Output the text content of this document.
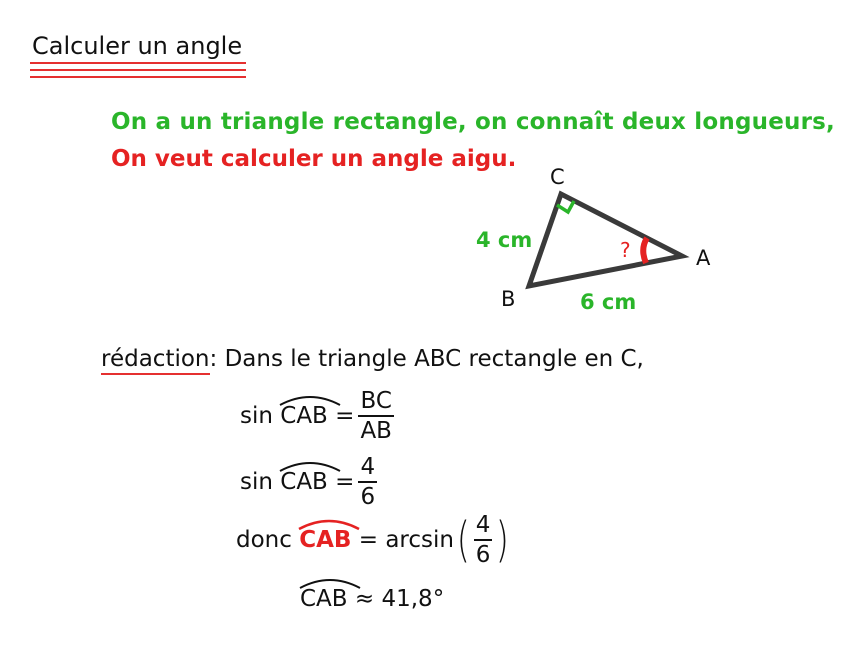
Calculer un angle
On a un triangle rectangle, on connaît deux longueurs,
On veut calculer un angle aigu.
C
A
B
4 cm
6 cm
?
rédaction: Dans le triangle ABC rectangle en C,
sin
CAB
= $\frac{BC}{AB}$
sin
CAB
= $\frac{4}{6}$
donc
CAB
= arcsin ( $\frac{4}{6}$ )
CAB
≈
41,8°
